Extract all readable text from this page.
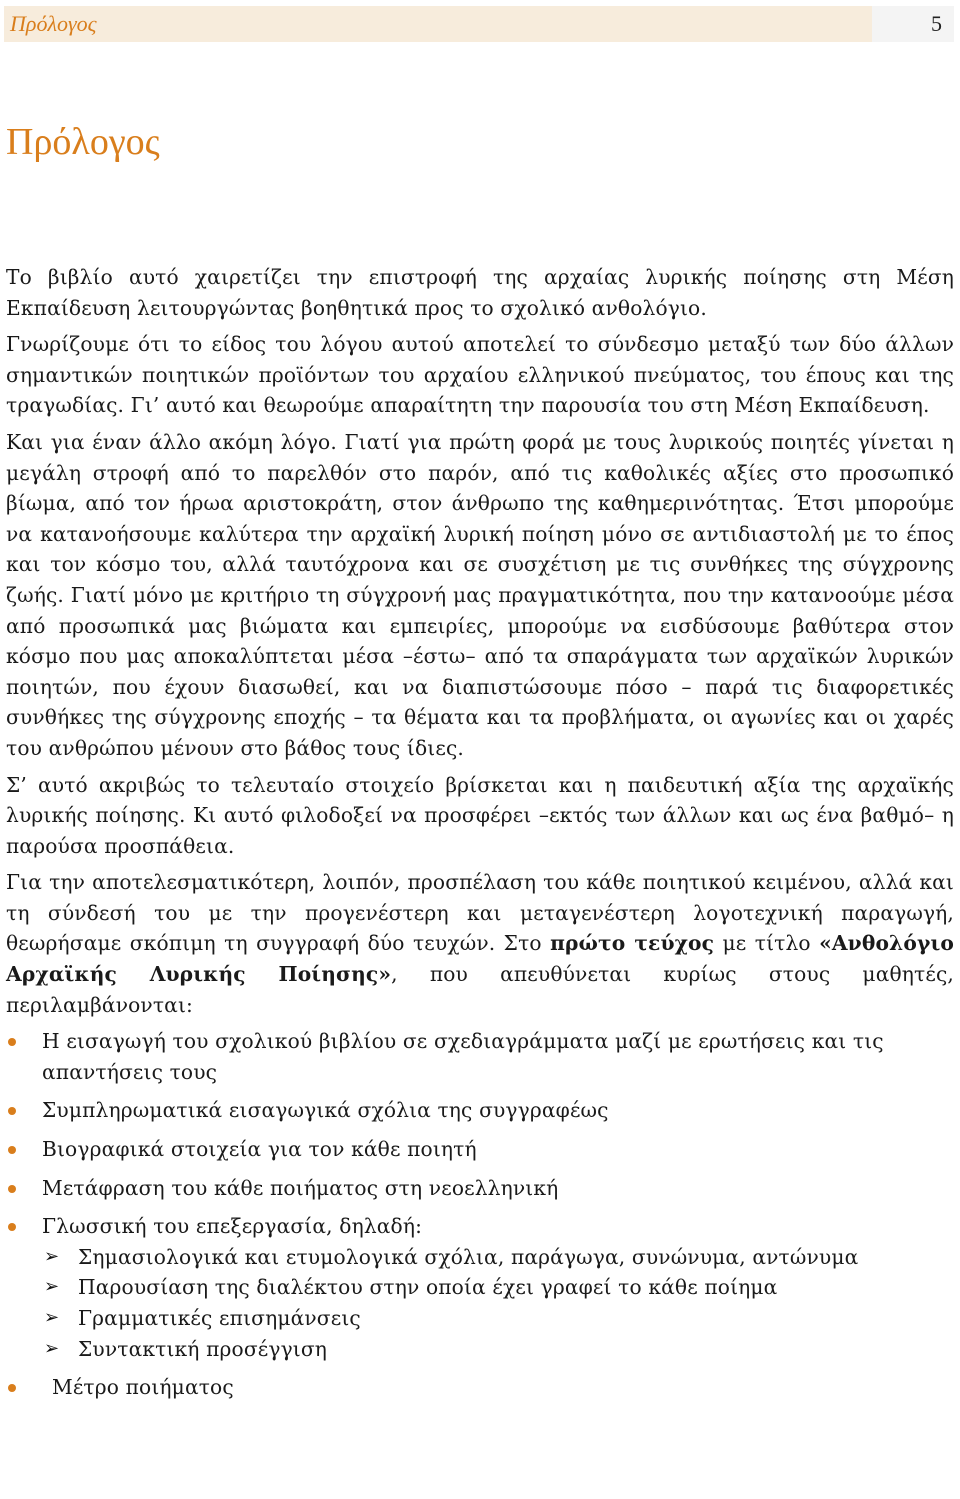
Πρόλογος	5
Πρόλογος

Το βιβλίο αυτό χαιρετίζει την επιστροφή της αρχαίας λυρικής ποίησης στη Μέση Εκπαίδευση λειτουργώντας βοηθητικά προς το σχολικό ανθολόγιο.

Γνωρίζουμε ότι το είδος του λόγου αυτού αποτελεί το σύνδεσμο μεταξύ των δύο άλλων σημαντικών ποιητικών προϊόντων του αρχαίου ελληνικού πνεύματος, του έπους και της τραγωδίας. Γι’ αυτό και θεωρούμε απαραίτητη την παρουσία του στη Μέση Εκπαίδευση.

Και για έναν άλλο ακόμη λόγο. Γιατί για πρώτη φορά με τους λυρικούς ποιητές γίνεται η μεγάλη στροφή από το παρελθόν στο παρόν, από τις καθολικές αξίες στο προσωπικό βίωμα, από τον ήρωα αριστοκράτη, στον άνθρωπο της καθημερινότητας. Έτσι μπορούμε να κατανοήσουμε καλύτερα την αρχαϊκή λυρική ποίηση μόνο σε αντιδιαστολή με το έπος και τον κόσμο του, αλλά ταυτόχρονα και σε συσχέτιση με τις συνθήκες της σύγχρονης ζωής. Γιατί μόνο με κριτήριο τη σύγχρονή μας πραγματικότητα, που την κατανοούμε μέσα από προσωπικά μας βιώματα και εμπειρίες, μπορούμε να εισδύσουμε βαθύτερα στον κόσμο που μας αποκαλύπτεται μέσα –έστω– από τα σπαράγματα των αρχαϊκών λυρικών ποιητών, που έχουν διασωθεί, και να διαπιστώσουμε πόσο – παρά τις διαφορετικές συνθήκες της σύγχρονης εποχής – τα θέματα και τα προβλήματα, οι αγωνίες και οι χαρές του ανθρώπου μένουν στο βάθος τους ίδιες.

Σ’ αυτό ακριβώς το τελευταίο στοιχείο βρίσκεται και η παιδευτική αξία της αρχαϊκής λυρικής ποίησης. Κι αυτό φιλοδοξεί να προσφέρει –εκτός των άλλων και ως ένα βαθμό– η παρούσα προσπάθεια.

Για την αποτελεσματικότερη, λοιπόν, προσπέλαση του κάθε ποιητικού κειμένου, αλλά και τη σύνδεσή του με την προγενέστερη και μεταγενέστερη λογοτεχνική παραγωγή, θεωρήσαμε σκόπιμη τη συγγραφή δύο τευχών. Στο πρώτο τεύχος με τίτλο «Ανθολόγιο Αρχαϊκής Λυρικής Ποίησης», που απευθύνεται κυρίως στους μαθητές, περιλαμβάνονται:

Η εισαγωγή του σχολικού βιβλίου σε σχεδιαγράμματα μαζί με ερωτήσεις και τις απαντήσεις τους
Συμπληρωματικά εισαγωγικά σχόλια της συγγραφέως
Βιογραφικά στοιχεία για τον κάθε ποιητή
Μετάφραση του κάθε ποιήματος στη νεοελληνική
Γλωσσική του επεξεργασία, δηλαδή:
➢ Σημασιολογικά και ετυμολογικά σχόλια, παράγωγα, συνώνυμα, αντώνυμα
➢ Παρουσίαση της διαλέκτου στην οποία έχει γραφεί το κάθε ποίημα
➢ Γραμματικές επισημάνσεις
➢ Συντακτική προσέγγιση
Μέτρο ποιήματος
